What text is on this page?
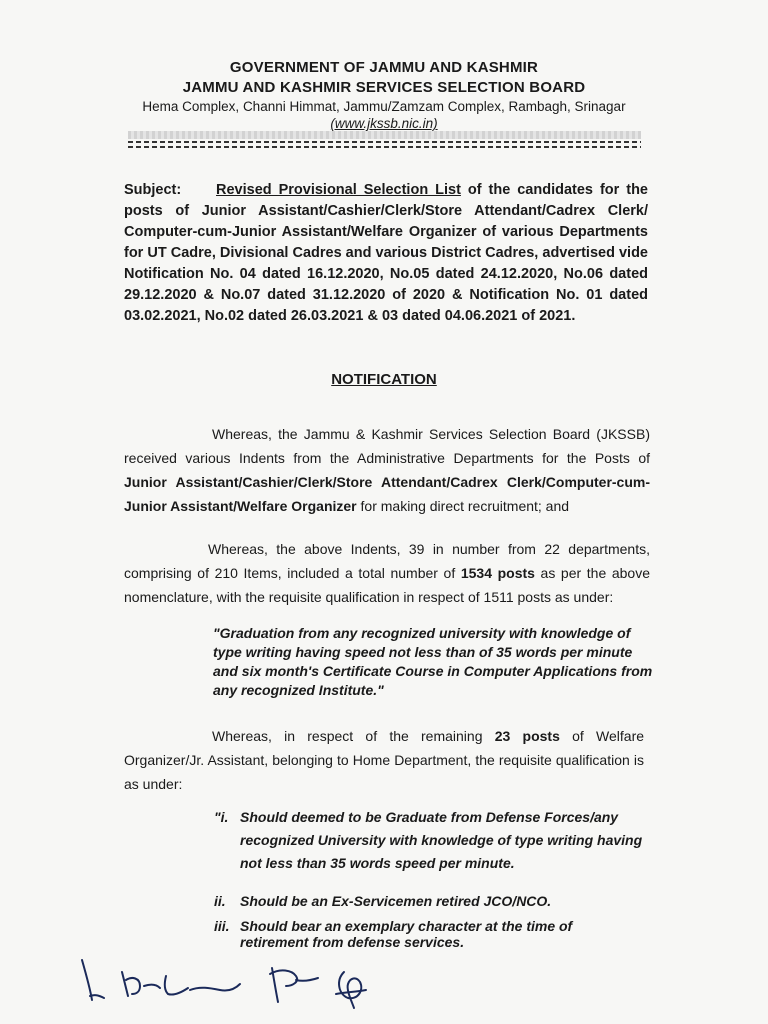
GOVERNMENT OF JAMMU AND KASHMIR
JAMMU AND KASHMIR SERVICES SELECTION BOARD
Hema Complex, Channi Himmat, Jammu/Zamzam Complex, Rambagh, Srinagar
(www.jkssb.nic.in)
Subject: Revised Provisional Selection List of the candidates for the posts of Junior Assistant/Cashier/Clerk/Store Attendant/Cadrex Clerk/ Computer-cum-Junior Assistant/Welfare Organizer of various Departments for UT Cadre, Divisional Cadres and various District Cadres, advertised vide Notification No. 04 dated 16.12.2020, No.05 dated 24.12.2020, No.06 dated 29.12.2020 & No.07 dated 31.12.2020 of 2020 & Notification No. 01 dated 03.02.2021, No.02 dated 26.03.2021 & 03 dated 04.06.2021 of 2021.
NOTIFICATION
Whereas, the Jammu & Kashmir Services Selection Board (JKSSB) received various Indents from the Administrative Departments for the Posts of Junior Assistant/Cashier/Clerk/Store Attendant/Cadrex Clerk/Computer-cum-Junior Assistant/Welfare Organizer for making direct recruitment; and
Whereas, the above Indents, 39 in number from 22 departments, comprising of 210 Items, included a total number of 1534 posts as per the above nomenclature, with the requisite qualification in respect of 1511 posts as under:
"Graduation from any recognized university with knowledge of type writing having speed not less than of 35 words per minute and six month's Certificate Course in Computer Applications from any recognized Institute."
Whereas, in respect of the remaining 23 posts of Welfare Organizer/Jr. Assistant, belonging to Home Department, the requisite qualification is as under:
"i. Should deemed to be Graduate from Defense Forces/any recognized University with knowledge of type writing having not less than 35 words speed per minute.
ii.	Should be an Ex-Servicemen retired JCO/NCO.
iii. Should bear an exemplary character at the time of retirement from defense services.
